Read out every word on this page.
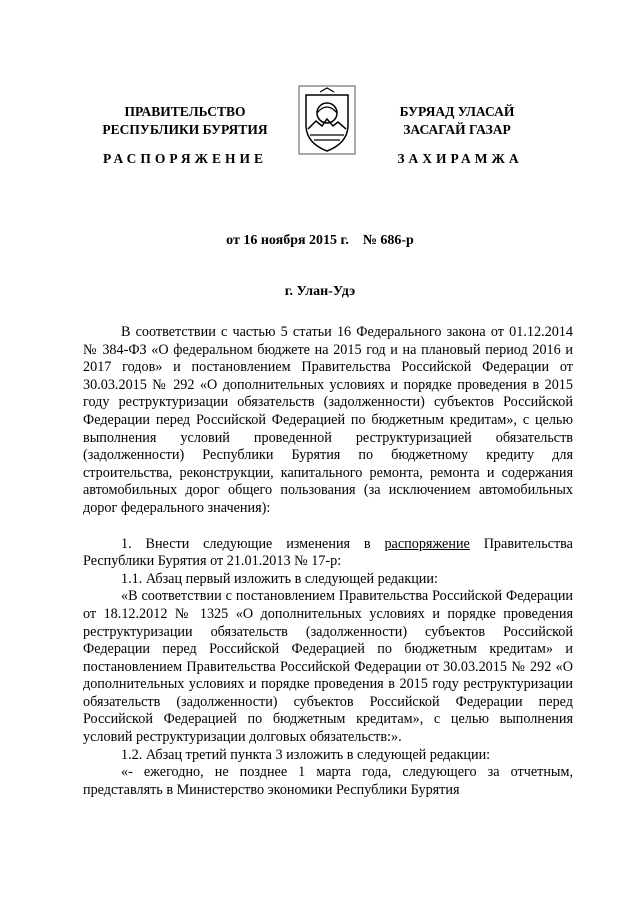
ПРАВИТЕЛЬСТВО
РЕСПУБЛИКИ БУРЯТИЯ
БУРЯАД УЛАСАЙ
ЗАСАГАЙ ГАЗАР
РАСПОРЯЖЕНИЕ	ЗАХИРАМЖА
от 16 ноября 2015 г.    № 686-р
г. Улан-Удэ

В соответствии с частью 5 статьи 16 Федерального закона от 01.12.2014 № 384-ФЗ «О федеральном бюджете на 2015 год и на плановый период 2016 и 2017 годов» и постановлением Правительства Российской Федерации от 30.03.2015 № 292 «О дополнительных условиях и порядке проведения в 2015 году реструктуризации обязательств (задолженности) субъектов Российской Федерации перед Российской Федерацией по бюджетным кредитам», с целью выполнения условий проведенной реструктуризацией обязательств (задолженности) Республики Бурятия по бюджетному кредиту для строительства, реконструкции, капитального ремонта, ремонта и содержания автомобильных дорог общего пользования (за исключением автомобильных дорог федерального значения):

1. Внести следующие изменения в распоряжение Правительства Республики Бурятия от 21.01.2013 № 17-р:

1.1. Абзац первый изложить в следующей редакции:

«В соответствии с постановлением Правительства Российской Федерации от 18.12.2012 № 1325 «О дополнительных условиях и порядке проведения реструктуризации обязательств (задолженности) субъектов Российской Федерации перед Российской Федерацией по бюджетным кредитам» и постановлением Правительства Российской Федерации от 30.03.2015 № 292 «О дополнительных условиях и порядке проведения в 2015 году реструктуризации обязательств (задолженности) субъектов Российской Федерации перед Российской Федерацией по бюджетным кредитам», с целью выполнения условий реструктуризации долговых обязательств:».

1.2. Абзац третий пункта 3 изложить в следующей редакции:

«- ежегодно, не позднее 1 марта года, следующего за отчетным, представлять в Министерство экономики Республики Бурятия
